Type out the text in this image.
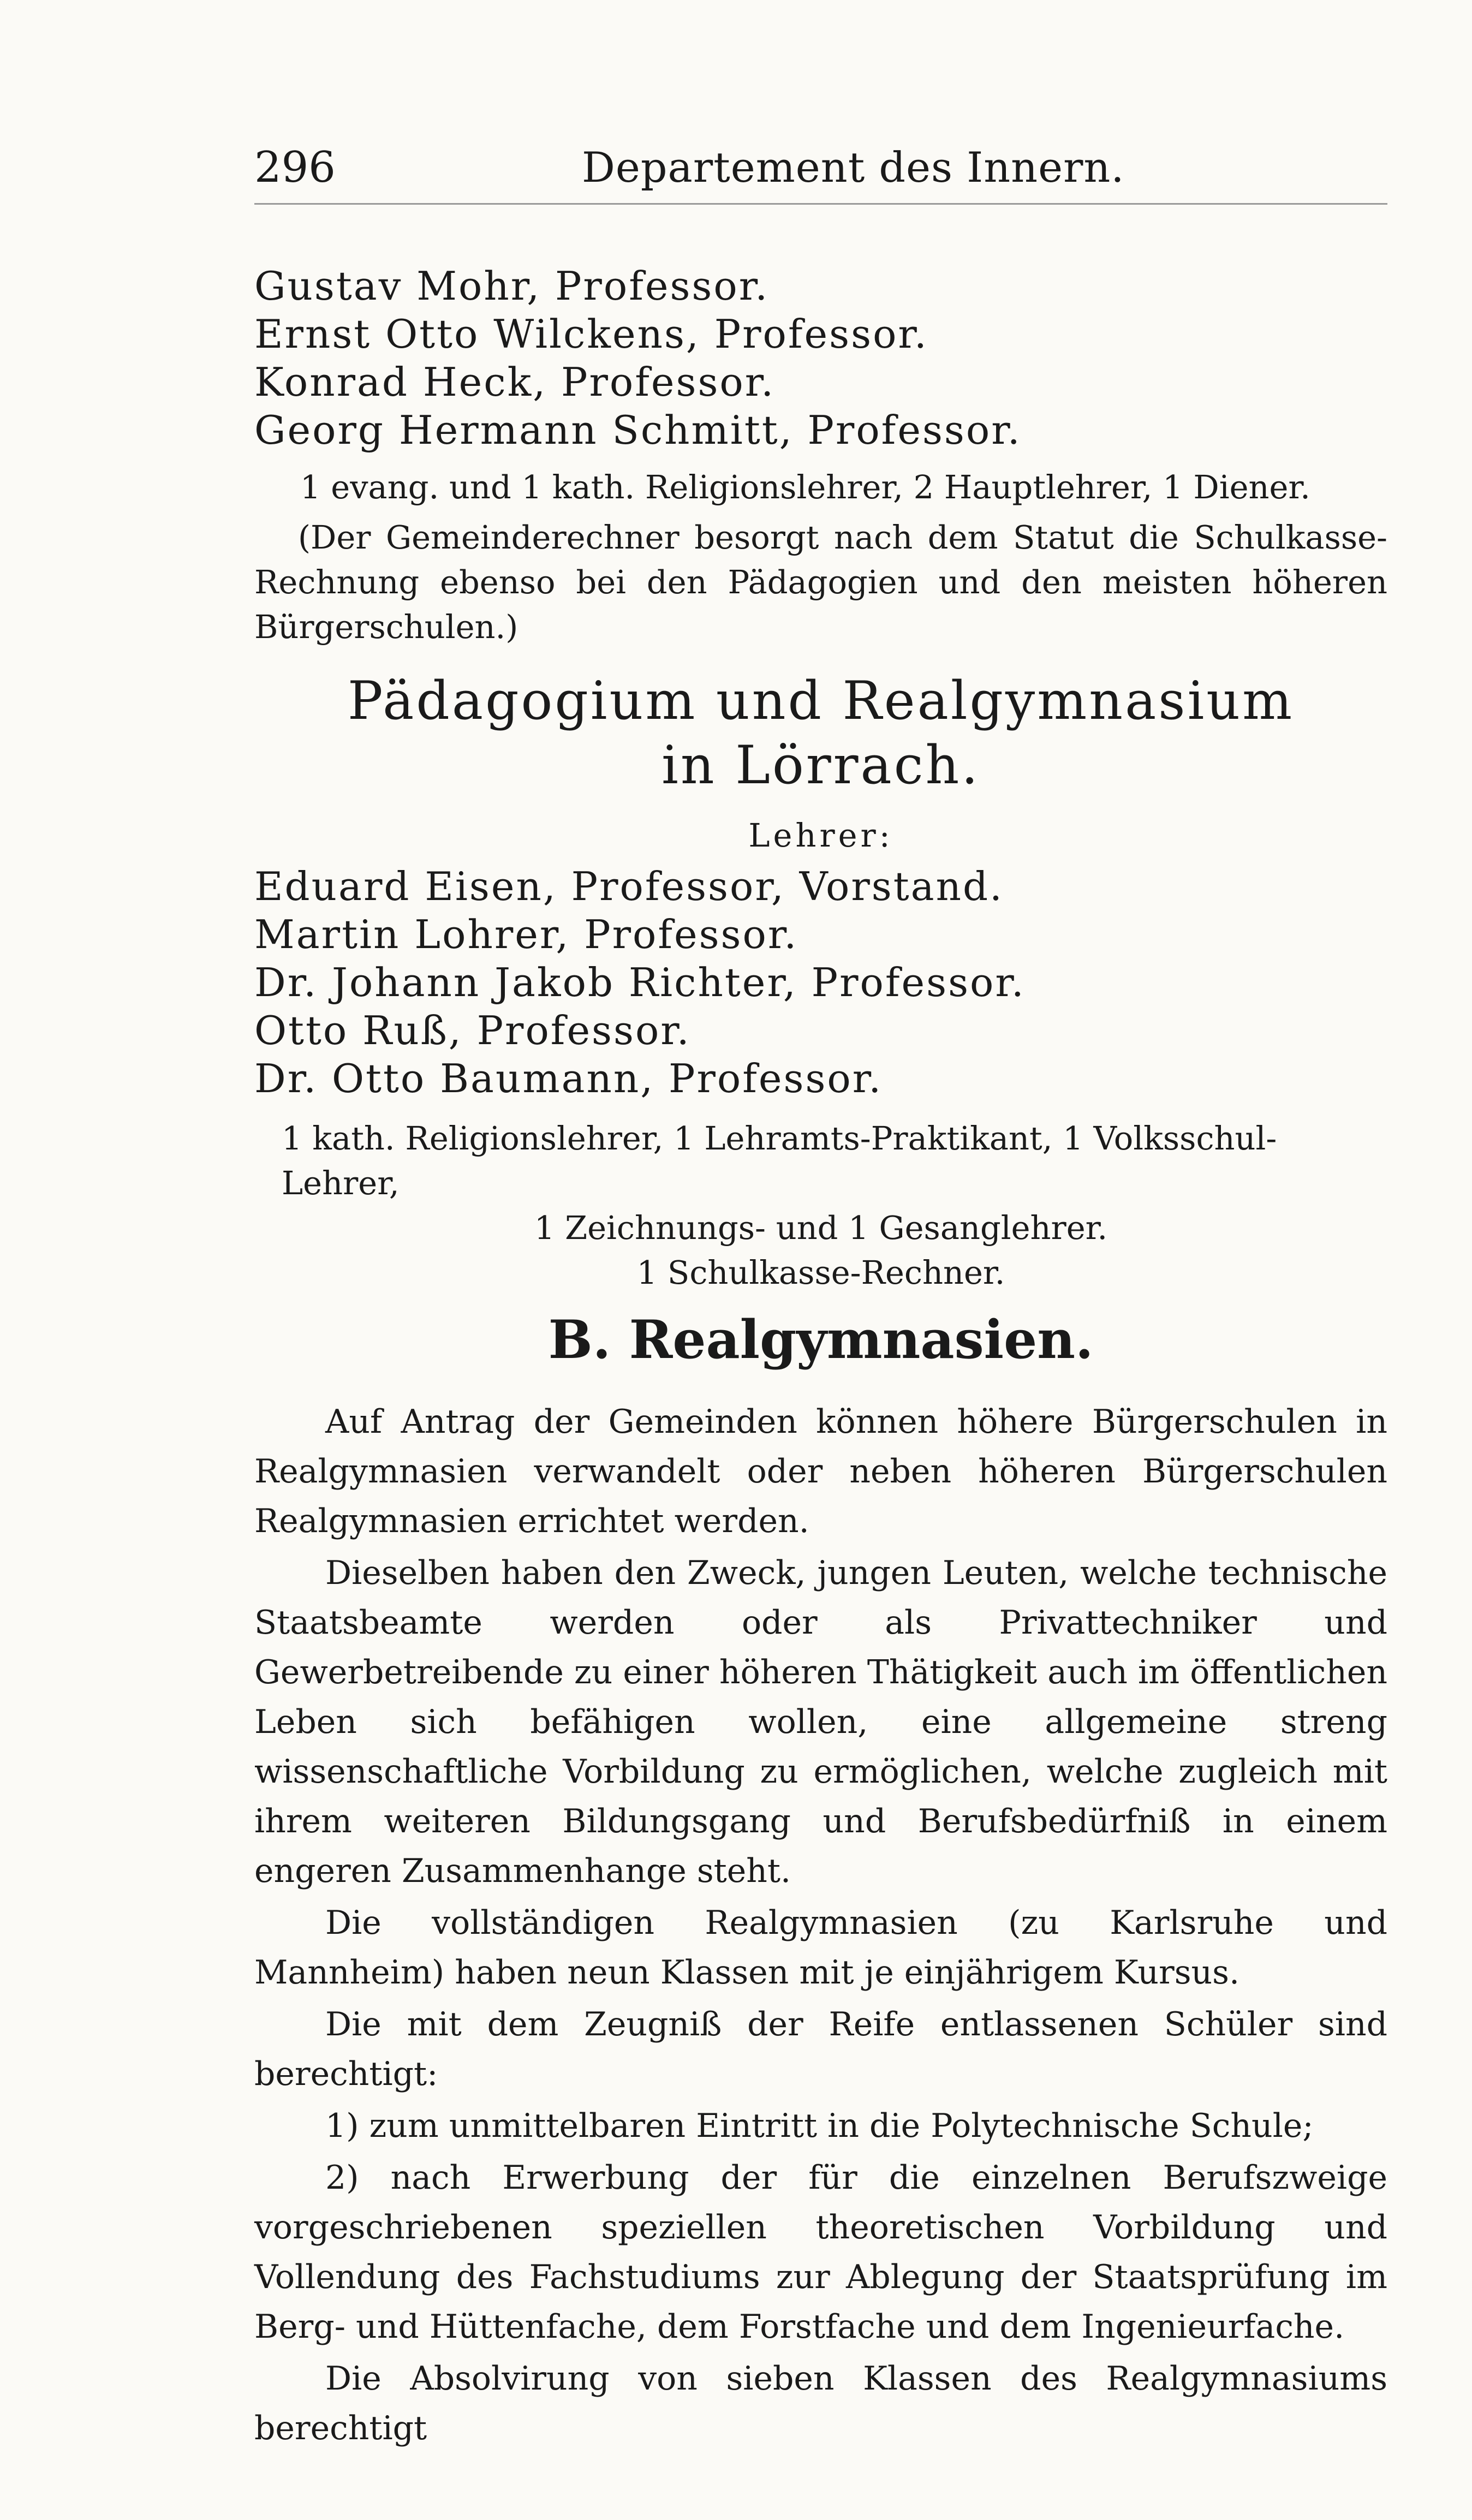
296	Departement des Innern.
Gustav Mohr, Professor.
Ernst Otto Wilckens, Professor.
Konrad Heck, Professor.
Georg Hermann Schmitt, Professor.
1 evang. und 1 kath. Religionslehrer, 2 Hauptlehrer, 1 Diener.
(Der Gemeinderechner besorgt nach dem Statut die Schulkasse-Rechnung ebenso bei den Pädagogien und den meisten höheren Bürgerschulen.)
Pädagogium und Realgymnasium
in Lörrach.
Lehrer:
Eduard Eisen, Professor, Vorstand.
Martin Lohrer, Professor.
Dr. Johann Jakob Richter, Professor.
Otto Ruß, Professor.
Dr. Otto Baumann, Professor.
1 kath. Religionslehrer, 1 Lehramts-Praktikant, 1 Volksschul-Lehrer,
1 Zeichnungs- und 1 Gesanglehrer.
1 Schulkasse-Rechner.
B. Realgymnasien.
Auf Antrag der Gemeinden können höhere Bürgerschulen in Realgymnasien verwandelt oder neben höheren Bürgerschulen Realgymnasien errichtet werden.
Dieselben haben den Zweck, jungen Leuten, welche technische Staatsbeamte werden oder als Privattechniker und Gewerbetreibende zu einer höheren Thätigkeit auch im öffentlichen Leben sich befähigen wollen, eine allgemeine streng wissenschaftliche Vorbildung zu ermöglichen, welche zugleich mit ihrem weiteren Bildungsgang und Berufsbedürfniß in einem engeren Zusammenhange steht.
Die vollständigen Realgymnasien (zu Karlsruhe und Mannheim) haben neun Klassen mit je einjährigem Kursus.
Die mit dem Zeugniß der Reife entlassenen Schüler sind berechtigt:
1) zum unmittelbaren Eintritt in die Polytechnische Schule;
2) nach Erwerbung der für die einzelnen Berufszweige vorgeschriebenen speziellen theoretischen Vorbildung und Vollendung des Fachstudiums zur Ablegung der Staatsprüfung im Berg- und Hüttenfache, dem Forstfache und dem Ingenieurfache.
Die Absolvirung von sieben Klassen des Realgymnasiums berechtigt
